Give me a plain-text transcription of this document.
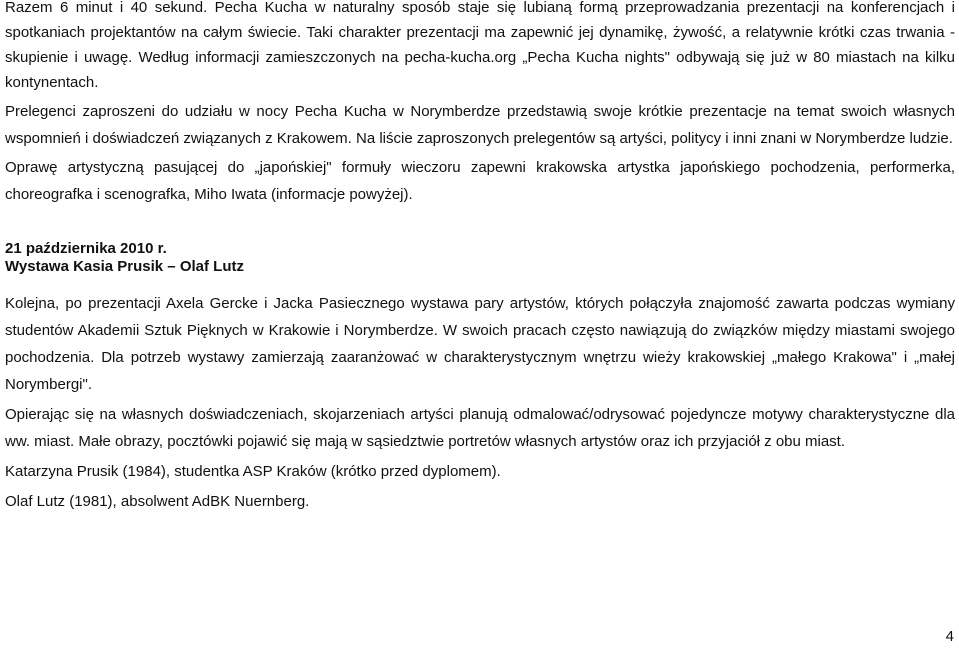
Razem 6 minut i 40 sekund. Pecha Kucha w naturalny sposób staje się lubianą formą przeprowadzania prezentacji na konferencjach i spotkaniach projektantów na całym świecie. Taki charakter prezentacji ma zapewnić jej dynamikę, żywość, a relatywnie krótki czas trwania - skupienie i uwagę. Według informacji zamieszczonych na pecha-kucha.org „Pecha Kucha nights" odbywają się już w 80 miastach na kilku kontynentach.

Prelegenci zaproszeni do udziału w nocy Pecha Kucha w Norymberdze przedstawią swoje krótkie prezentacje na temat swoich własnych wspomnień i doświadczeń związanych z Krakowem. Na liście zaproszonych prelegentów są artyści, politycy i inni znani w Norymberdze ludzie.

Oprawę artystyczną pasującej do „japońskiej" formuły wieczoru zapewni krakowska artystka japońskiego pochodzenia, performerka, choreografka i scenografka, Miho Iwata (informacje powyżej).

21 października 2010 r.

Wystawa Kasia Prusik – Olaf Lutz

Kolejna, po prezentacji Axela Gercke i Jacka Pasiecznego wystawa pary artystów, których połączyła znajomość zawarta podczas wymiany studentów Akademii Sztuk Pięknych w Krakowie i Norymberdze. W swoich pracach często nawiązują do związków między miastami swojego pochodzenia. Dla potrzeb wystawy zamierzają zaaranżować w charakterystycznym wnętrzu wieży krakowskiej „małego Krakowa" i „małej Norymbergi".

Opierając się na własnych doświadczeniach, skojarzeniach artyści planują odmalować/odrysować pojedyncze motywy charakterystyczne dla ww. miast. Małe obrazy, pocztówki pojawić się mają w sąsiedztwie portretów własnych artystów oraz ich przyjaciół z obu miast.

Katarzyna Prusik (1984), studentka ASP Kraków (krótko przed dyplomem).

Olaf Lutz (1981), absolwent AdBK Nuernberg.

4
